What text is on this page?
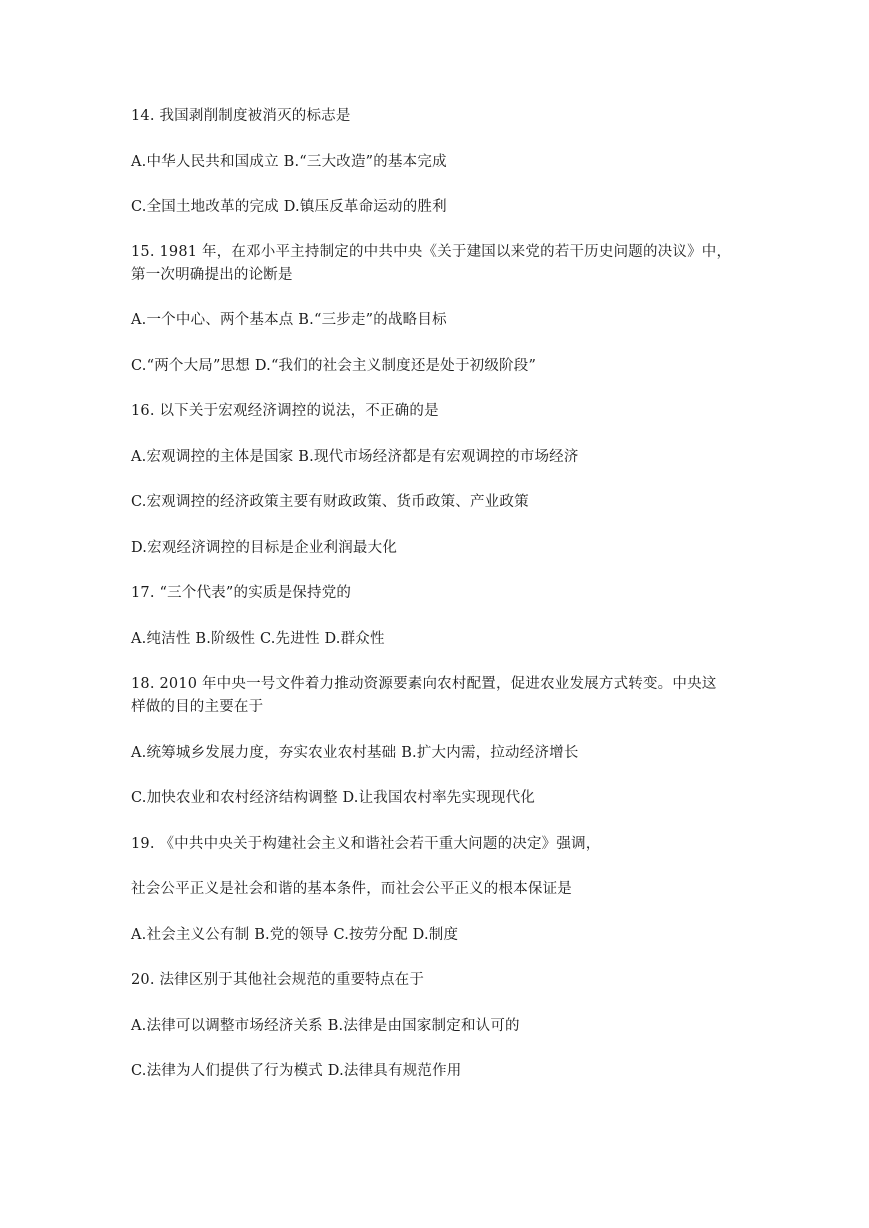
14. 我国剥削制度被消灭的标志是
A.中华人民共和国成立 B.“三大改造”的基本完成
C.全国土地改革的完成 D.镇压反革命运动的胜利
15. 1981 年，在邓小平主持制定的中共中央《关于建国以来党的若干历史问题的决议》中，
第一次明确提出的论断是
A.一个中心、两个基本点 B.“三步走”的战略目标
C.“两个大局”思想 D.“我们的社会主义制度还是处于初级阶段”
16. 以下关于宏观经济调控的说法，不正确的是
A.宏观调控的主体是国家 B.现代市场经济都是有宏观调控的市场经济
C.宏观调控的经济政策主要有财政政策、货币政策、产业政策
D.宏观经济调控的目标是企业利润最大化
17. “三个代表”的实质是保持党的
A.纯洁性 B.阶级性 C.先进性 D.群众性
18. 2010 年中央一号文件着力推动资源要素向农村配置，促进农业发展方式转变。中央这
样做的目的主要在于
A.统筹城乡发展力度，夯实农业农村基础 B.扩大内需，拉动经济增长
C.加快农业和农村经济结构调整 D.让我国农村率先实现现代化
19. 《中共中央关于构建社会主义和谐社会若干重大问题的决定》强调，
社会公平正义是社会和谐的基本条件，而社会公平正义的根本保证是
A.社会主义公有制 B.党的领导 C.按劳分配 D.制度
20. 法律区别于其他社会规范的重要特点在于
A.法律可以调整市场经济关系 B.法律是由国家制定和认可的
C.法律为人们提供了行为模式 D.法律具有规范作用
